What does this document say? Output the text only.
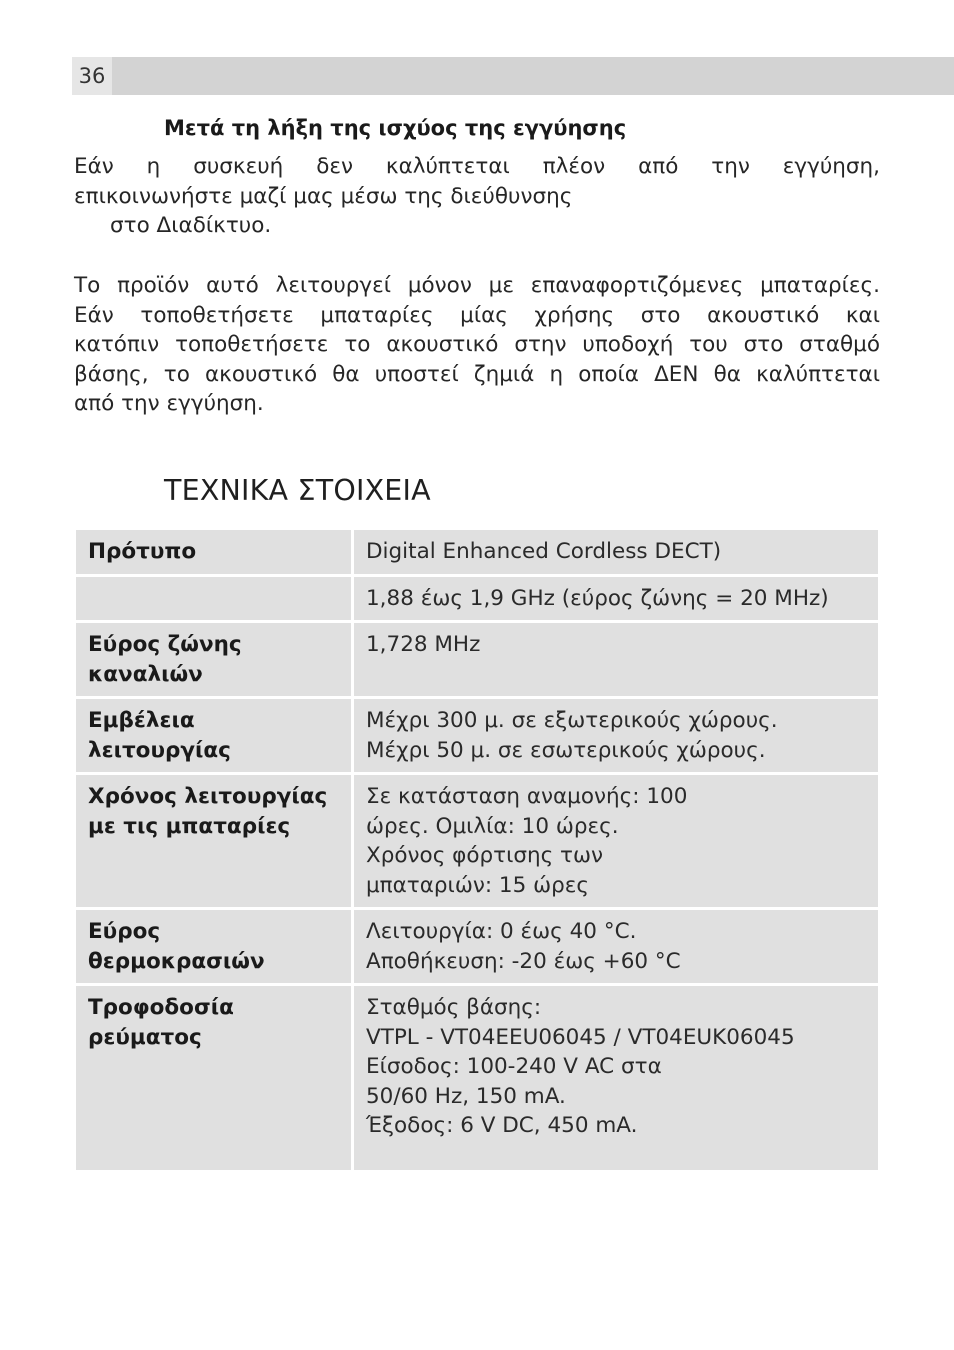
36
Μετά τη λήξη της ισχύος της εγγύησης
Εάν η συσκευή δεν καλύπτεται πλέον από την εγγύηση,
επικοινωνήστε μαζί μας μέσω της διεύθυνσης
στο Διαδίκτυο.
Το προϊόν αυτό λειτουργεί μόνον με επαναφορτιζόμενες μπαταρίες.
Εάν τοποθετήσετε μπαταρίες μίας χρήσης στο ακουστικό και
κατόπιν τοποθετήσετε το ακουστικό στην υποδοχή του στο σταθμό
βάσης, το ακουστικό θα υποστεί ζημιά η οποία ΔΕΝ θα καλύπτεται
από την εγγύηση.
ΤΕΧΝΙΚΑ ΣΤΟΙΧΕΙΑ
Πρότυπο	Digital Enhanced Cordless DECT)

	1,88 έως 1,9 GHz (εύρος ζώνης = 20 MHz)

Εύρος ζώνης
καναλιών	1,728 MHz

Εμβέλεια
λειτουργίας	Μέχρι 300 μ. σε εξωτερικούς χώρους.
Μέχρι 50 μ. σε εσωτερικούς χώρους.

Χρόνος λειτουργίας
με τις μπαταρίες	Σε κατάσταση αναμονής: 100
ώρες. Ομιλία: 10 ώρες.
Χρόνος φόρτισης των
μπαταριών: 15 ώρες

Εύρος
θερμοκρασιών	Λειτουργία: 0 έως 40 °C.
Αποθήκευση: -20 έως +60 °C

Τροφοδοσία
ρεύματος	Σταθμός βάσης:
VTPL - VT04EEU06045 / VT04EUK06045
Είσοδος: 100-240 V AC στα
50/60 Hz, 150 mA.
Έξοδος: 6 V DC, 450 mA.
